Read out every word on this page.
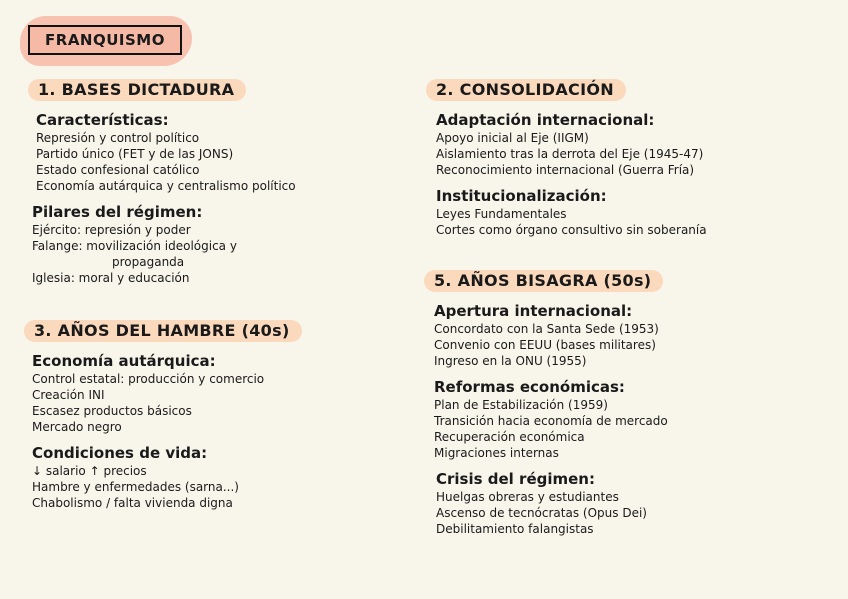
FRANQUISMO
1. BASES DICTADURA
Características:
Represión y control político
Partido único (FET y de las JONS)
Estado confesional católico
Economía autárquica y centralismo político
Pilares del régimen:
Ejército: represión y poder
Falange: movilización ideológica y
propaganda
Iglesia: moral y educación
3. AÑOS DEL HAMBRE (40s)
Economía autárquica:
Control estatal: producción y comercio
Creación INI
Escasez productos básicos
Mercado negro
Condiciones de vida:
↓ salario ↑ precios
Hambre y enfermedades (sarna...)
Chabolismo / falta vivienda digna
2. CONSOLIDACIÓN
Adaptación internacional:
Apoyo inicial al Eje (IIGM)
Aislamiento tras la derrota del Eje (1945-47)
Reconocimiento internacional (Guerra Fría)
Institucionalización:
Leyes Fundamentales
Cortes como órgano consultivo sin soberanía
5. AÑOS BISAGRA (50s)
Apertura internacional:
Concordato con la Santa Sede (1953)
Convenio con EEUU (bases militares)
Ingreso en la ONU (1955)
Reformas económicas:
Plan de Estabilización (1959)
Transición hacia economía de mercado
Recuperación económica
Migraciones internas
Crisis del régimen:
Huelgas obreras y estudiantes
Ascenso de tecnócratas (Opus Dei)
Debilitamiento falangistas
